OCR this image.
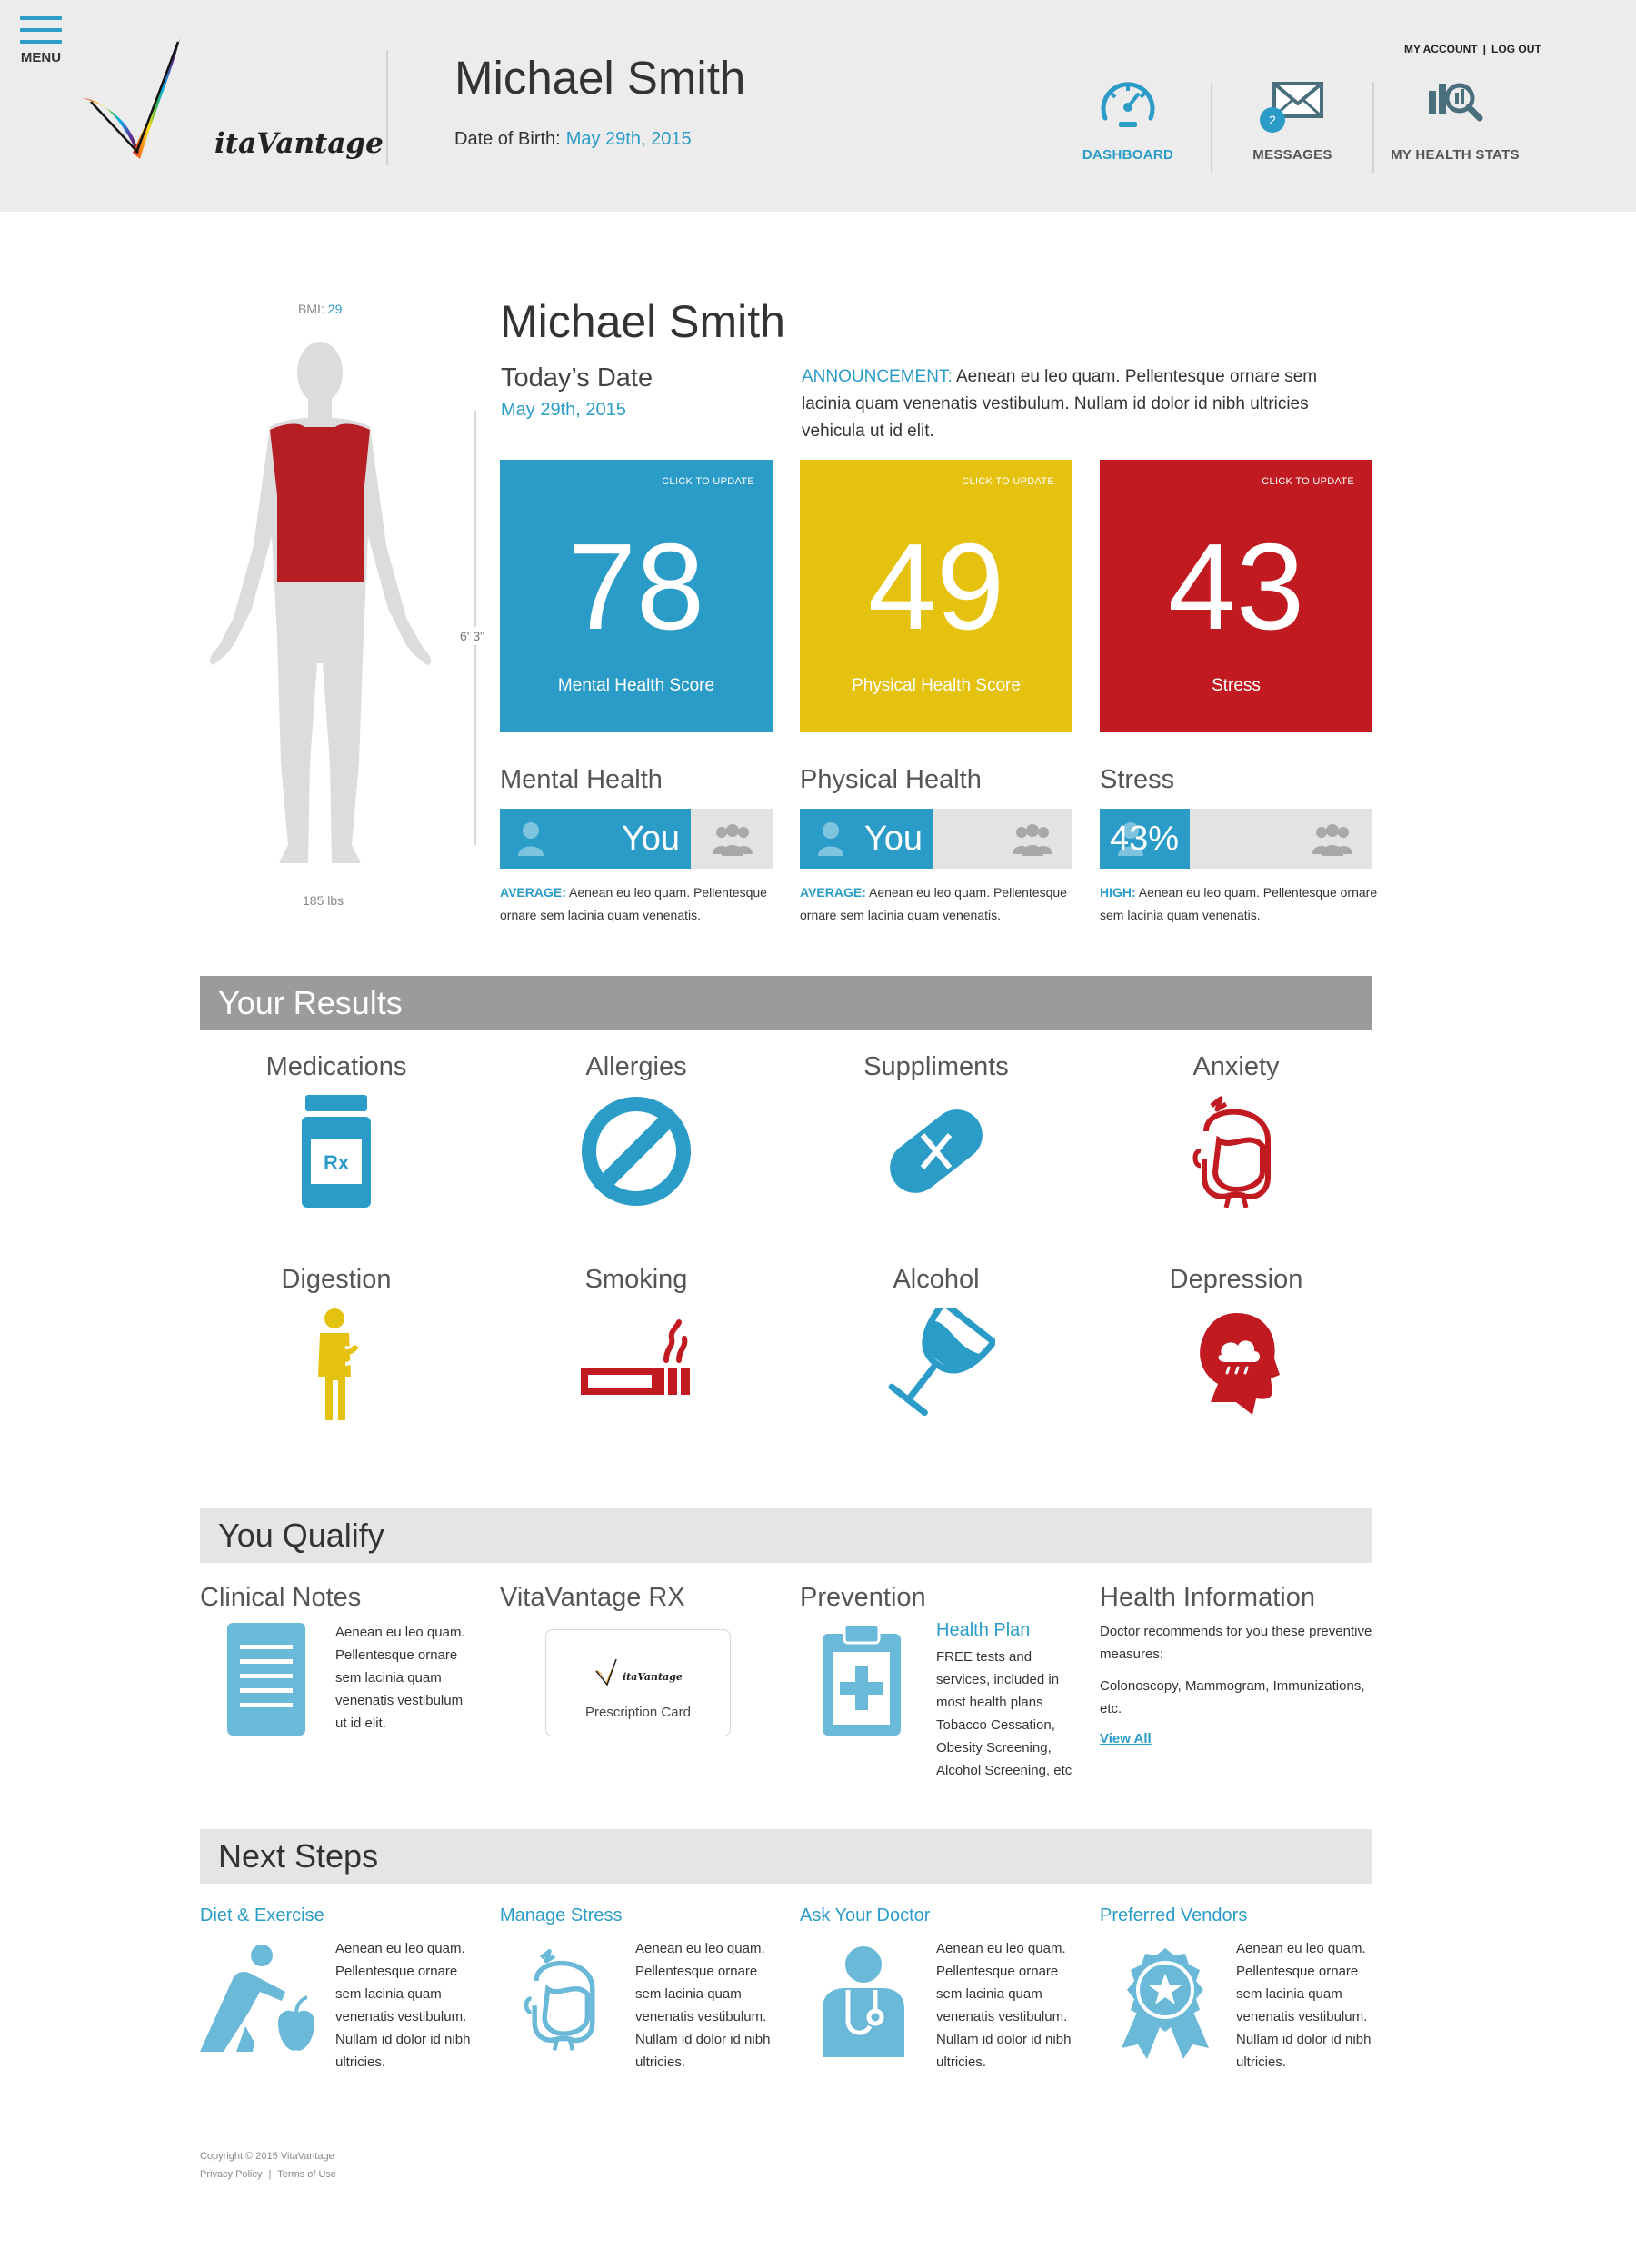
MENU
itaVantage
Michael Smith
Date of Birth: May 29th, 2015
MY ACCOUNT | LOG OUT
DASHBOARD
2
MESSAGES	MY HEALTH STATS
BMI: 29
6' 3"
185 lbs
Michael Smith
Today’s Date
May 29th, 2015
ANNOUNCEMENT: Aenean eu leo quam. Pellentesque ornare sem lacinia quam venenatis vestibulum. Nullam id dolor id nibh ultricies vehicula ut id elit.
CLICK TO UPDATE
78
Mental Health Score
CLICK TO UPDATE
49
Physical Health Score
CLICK TO UPDATE
43
Stress
Mental Health
You
AVERAGE: Aenean eu leo quam. Pellentesque ornare sem lacinia quam venenatis.
Physical Health
You
AVERAGE: Aenean eu leo quam. Pellentesque ornare sem lacinia quam venenatis.
Stress
43%
HIGH: Aenean eu leo quam. Pellentesque ornare sem lacinia quam venenatis.
Your Results
Medications
Rx
Allergies	Suppliments	Anxiety
Digestion	Smoking	Alcohol	Depression
You Qualify
Clinical Notes
Aenean eu leo quam. Pellentesque ornare sem lacinia quam venenatis vestibulum ut id elit.
VitaVantage RX
itaVantage
Prescription Card
Prevention
Health Plan
FREE tests and services, included in most health plans Tobacco Cessation, Obesity Screening, Alcohol Screening, etc
Health Information
Doctor recommends for you these preventive measures:
Colonoscopy, Mammogram, Immunizations, etc.
View All
Next Steps
Diet & Exercise
Aenean eu leo quam. Pellentesque ornare sem lacinia quam venenatis vestibulum. Nullam id dolor id nibh ultricies.
Manage Stress
Aenean eu leo quam. Pellentesque ornare sem lacinia quam venenatis vestibulum. Nullam id dolor id nibh ultricies.
Ask Your Doctor
Aenean eu leo quam. Pellentesque ornare sem lacinia quam venenatis vestibulum. Nullam id dolor id nibh ultricies.
Preferred Vendors
Aenean eu leo quam. Pellentesque ornare sem lacinia quam venenatis vestibulum. Nullam id dolor id nibh ultricies.
Copyright © 2015 VitaVantage
Privacy Policy | Terms of Use
